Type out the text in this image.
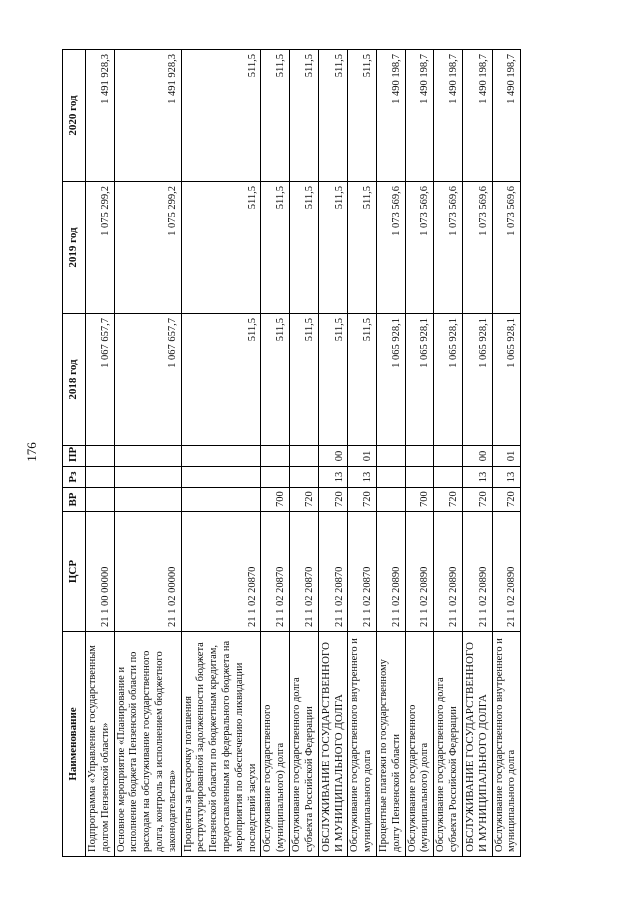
176
Наименование	ЦСР	ВР	Рз	ПР	2018 год	2019 год	2020 год
Подпрограмма «Управление государственным долгом Пензенской области»	21 1 00 00000				1 067 657,7	1 075 299,2	1 491 928,3
Основное мероприятие «Планирование и исполнение бюджета Пензенской области по расходам на обслуживание государственного долга, контроль за исполнением бюджетного законодательства»	21 1 02 00000				1 067 657,7	1 075 299,2	1 491 928,3
Проценты за рассрочку погашения реструктурированной задолженности бюджета Пензенской области по бюджетным кредитам, предоставленным из федерального бюджета на мероприятия по обеспечению ликвидации последствий засухи	21 1 02 20870				511,5	511,5	511,5
Обслуживание государственного (муниципального) долга	21 1 02 20870	700			511,5	511,5	511,5
Обслуживание государственного долга субъекта Российской Федерации	21 1 02 20870	720			511,5	511,5	511,5
ОБСЛУЖИВАНИЕ ГОСУДАРСТВЕННОГО И МУНИЦИПАЛЬНОГО ДОЛГА	21 1 02 20870	720	13	00	511,5	511,5	511,5
Обслуживание государственного внутреннего и муниципального долга	21 1 02 20870	720	13	01	511,5	511,5	511,5
Процентные платежи по государственному долгу Пензенской области	21 1 02 20890				1 065 928,1	1 073 569,6	1 490 198,7
Обслуживание государственного (муниципального) долга	21 1 02 20890	700			1 065 928,1	1 073 569,6	1 490 198,7
Обслуживание государственного долга субъекта Российской Федерации	21 1 02 20890	720			1 065 928,1	1 073 569,6	1 490 198,7
ОБСЛУЖИВАНИЕ ГОСУДАРСТВЕННОГО И МУНИЦИПАЛЬНОГО ДОЛГА	21 1 02 20890	720	13	00	1 065 928,1	1 073 569,6	1 490 198,7
Обслуживание государственного внутреннего и муниципального долга	21 1 02 20890	720	13	01	1 065 928,1	1 073 569,6	1 490 198,7
